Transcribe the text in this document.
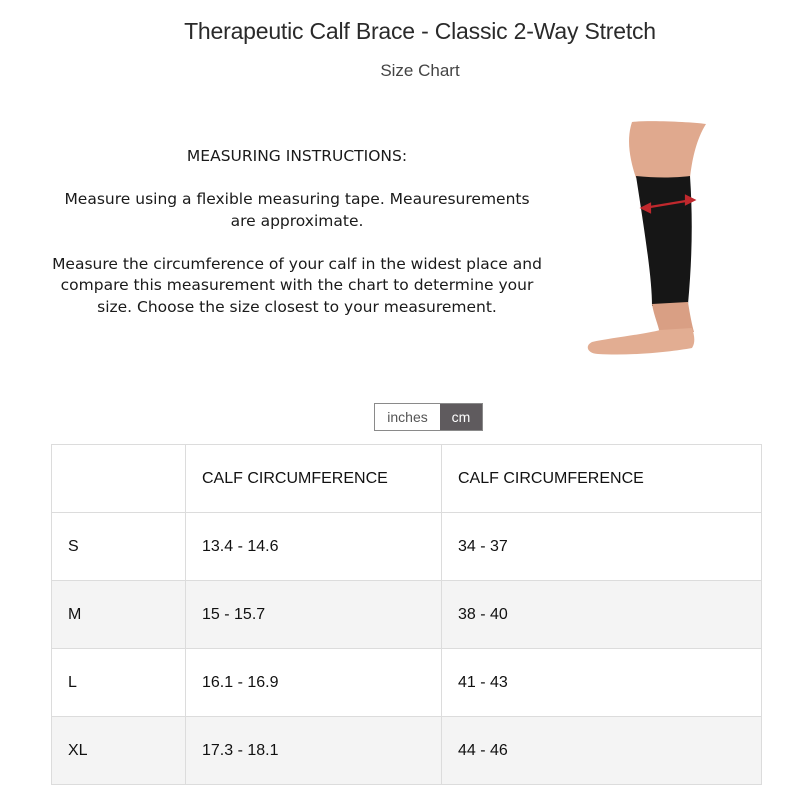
Therapeutic Calf Brace - Classic 2-Way Stretch
Size Chart

MEASURING INSTRUCTIONS:

Measure using a flexible measuring tape. Meauresurements are approximate.

Measure the circumference of your calf in the widest place and compare this measurement with the chart to determine your size. Choose the size closest to your measurement.

inches	cm
	CALF CIRCUMFERENCE	CALF CIRCUMFERENCE
S	13.4 - 14.6	34 - 37
M	15 - 15.7	38 - 40
L	16.1 - 16.9	41 - 43
XL	17.3 - 18.1	44 - 46
